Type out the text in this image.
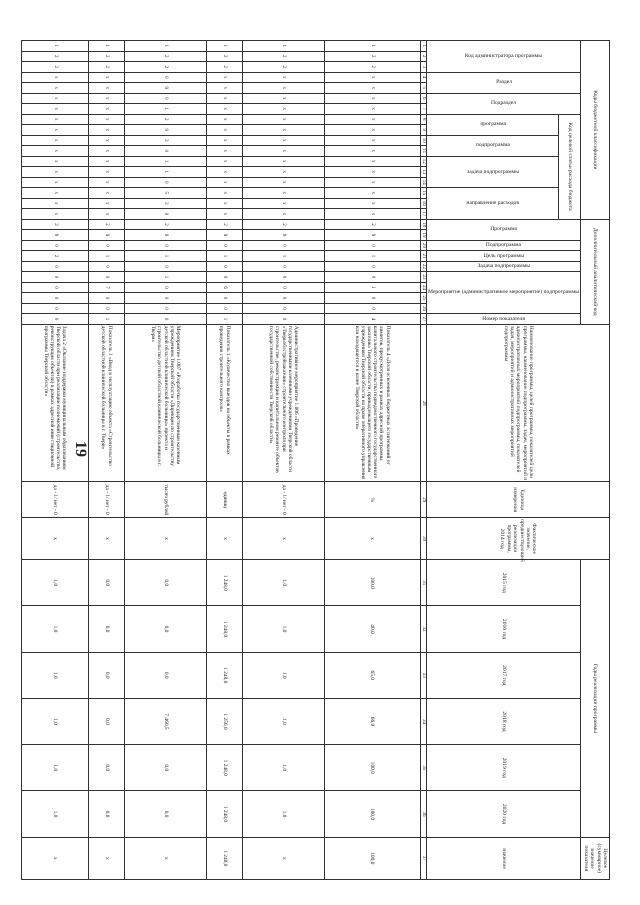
19
Коды бюджетной классификации																	Дополнительный аналитический код										Наименование программы, целей программы, показателей цели программы, наименование подпрограммы, задач, мероприятий и административных мероприятий подпрограммы, показателей задач, мероприятий и административных мероприятий подпрограммы	Единица измерения	Фактическое значение, предшествующий реализации программы, 2014 год	Годы реализации программы						Целевое (суммарное) значение показателя

Код администратора программы			Раздел		Подраздел		Код целевой статьи расхода бюджета										Программа		Подпрограмма	Цель программы	Задача подпрограммы	Мероприятие (административное мероприятие) подпрограммы				Номер показателя				2015 год	2016 год	2017 год	2018 год	2019 год	2020 год	значение

							программа		подпрограмма		задача подпрограммы			направление расходов																						

1	2	3	4	5	6	7	8	9	10	11	12	13	14	15	16	17	18	19	20	21	22	23	24	25	26	27	28	29	30	31	32	33	34	35	36	37
1	2	2	х	х	х	х	х	х	х	х	х	х	х	х	х	х	2	9	0	1	0	0	1	0	0	4	Показатель 4 «Доля освоенных бюджетных ассигнований от лимитов, предусмотренных в рамках адресной программы капитального строительства подведомственного государственного заказчика Тверской области, принадлежащего государственным учреждениям Тверской области на праве оперативного управления или находящегося в казне Тверской области»	%	х	100,0	40,0	65,0	66,0	100,0	100,0	100,0
1	2	2	х	х	х	х	х	х	х	х	х	х	х	х	х	х	2	9	0	1	0	0	0	0	0	0	Административное мероприятие 1.006 «Проведение государственными казенными учреждениями Тверской области «Тверьоблстройзаказчик» строительного контроля при строительстве, реконструкции и капитальном ремонте объектов государственной собственности Тверской области»	да - 1/ нет - 0	х	1,0	1,0	1,0	1,0	1,0	1,0	х
1	2	2	х	х	х	х	х	х	х	х	х	х	х	х	х	х	2	9	0	1	0	0	6	0	0	1	Показатель 1 «Количество выездов на объекты в рамках проведения строительного контроля»	единиц	х	1 248,0	1 248,0	1 248,0	1 256,0	1 248,0	1 248,0	1 248,0
1	2	2	0	9	0	1	2	9	3	0	1	1	0	5	3	0	2	9	0	1	0	1	0	0	0	0	Мероприятие 1.007 «Разработка государственным казенным учреждением Тверской области «Дирекция по строительству детской областной клинической больницы» проекта и строительство детской областной клинической больницы в г. Твери»	тысяч рублей	х	0,0	0,0	0,0	7 460,5	0,0	0,0	х
1	2	2	х	х	х	х	х	х	х	х	х	х	х	х	х	х	2	9	0	1	0	0	7	0	0	1	Показатель 1 «Ввод в эксплуатацию объекта «Строительство детской областной клинической больницы в г. Твери»	да - 1/ нет - 0	х	0,0	0,0	0,0	0,0	0,0	0,0	х
1	2	2	х	х	х	х	х	х	х	х	х	х	х	х	х	х	2	9	0	2	0	0	0	0	0	0	Задача 2 «Оказание поддержки муниципальным образованиям Тверской области при реализации полномочий (строительство, реконструкция объектов) в рамках адресной инвестиционной программы Тверской области»	да - 1/ нет - 0	х	1,0	1,0	1,0	1,0	1,0	1,0	х
